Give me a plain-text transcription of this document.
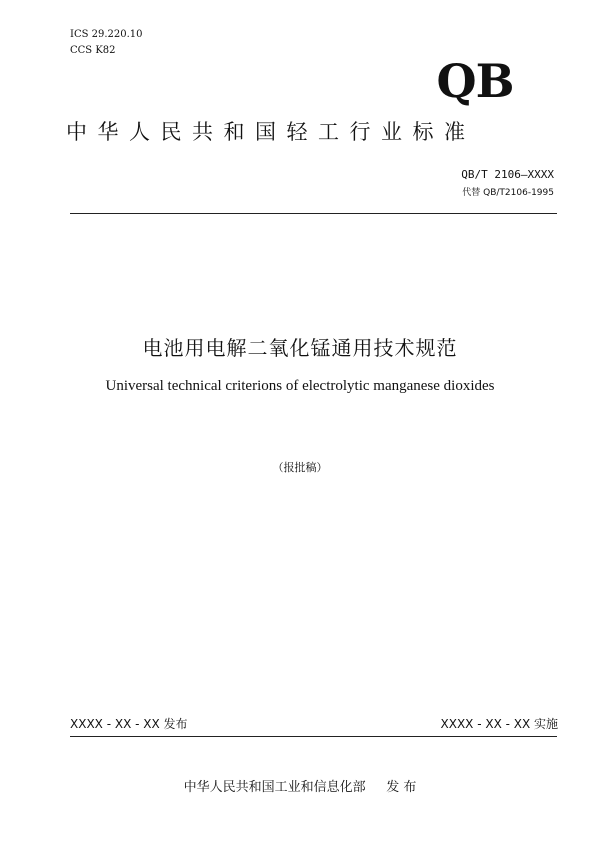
ICS 29.220.10
CCS K82
QB
中华人民共和国轻工行业标准
QB/T 2106—XXXX
代替 QB/T2106-1995
电池用电解二氧化锰通用技术规范
Universal technical criterions of electrolytic manganese dioxides
（报批稿）
XXXX - XX - XX 发布	XXXX - XX - XX 实施
中华人民共和国工业和信息化部     发 布
